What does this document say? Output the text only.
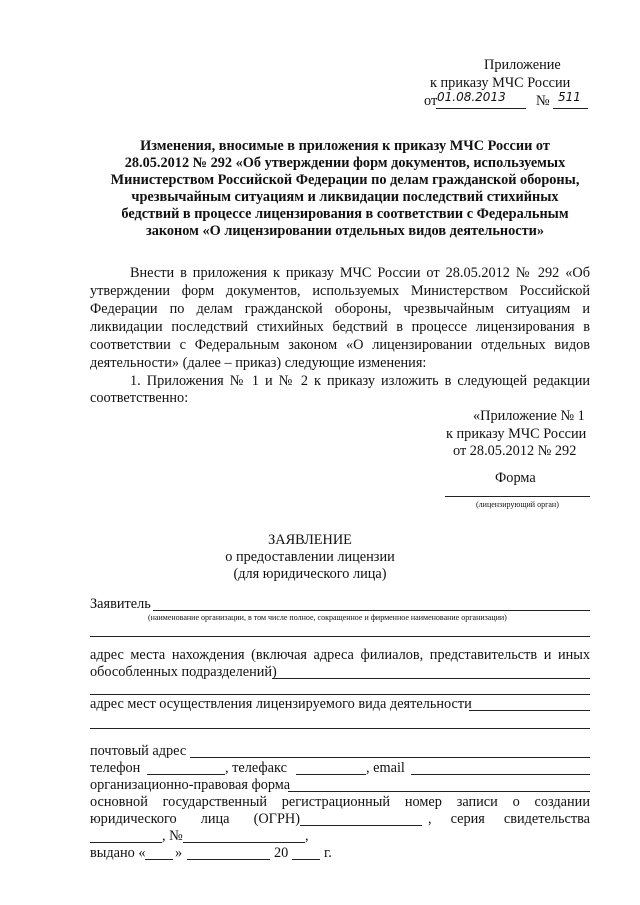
Приложение
к приказу МЧС России
от 01.08.2013 № 511
Изменения, вносимые в приложения к приказу МЧС России от
28.05.2012 № 292 «Об утверждении форм документов, используемых
Министерством Российской Федерации по делам гражданской обороны,
чрезвычайным ситуациям и ликвидации последствий стихийных
бедствий в процессе лицензирования в соответствии с Федеральным
законом «О лицензировании отдельных видов деятельности»
Внести в приложения к приказу МЧС России от 28.05.2012 № 292 «Об
утверждении форм документов, используемых Министерством Российской
Федерации по делам гражданской обороны, чрезвычайным ситуациям и
ликвидации последствий стихийных бедствий в процессе лицензирования в
соответствии с Федеральным законом «О лицензировании отдельных видов
деятельности» (далее – приказ) следующие изменения:
1. Приложения № 1 и № 2 к приказу изложить в следующей редакции
соответственно:
«Приложение № 1
к приказу МЧС России
от 28.05.2012 № 292
Форма
(лицензирующий орган)
ЗАЯВЛЕНИЕ
о предоставлении лицензии
(для юридического лица)
Заявитель
(наименование организации, в том числе полное, сокращенное и фирменное наименование организации)
адрес места нахождения (включая адреса филиалов, представительств и иных
обособленных подразделений)
адрес мест осуществления лицензируемого вида деятельности
почтовый адрес
телефон	, телефакс	, email
организационно-правовая форма
основной государственный регистрационный номер записи о создании
юридического лица (ОГРН)	, серия свидетельства
, №	,
выдано « »	20 г.
